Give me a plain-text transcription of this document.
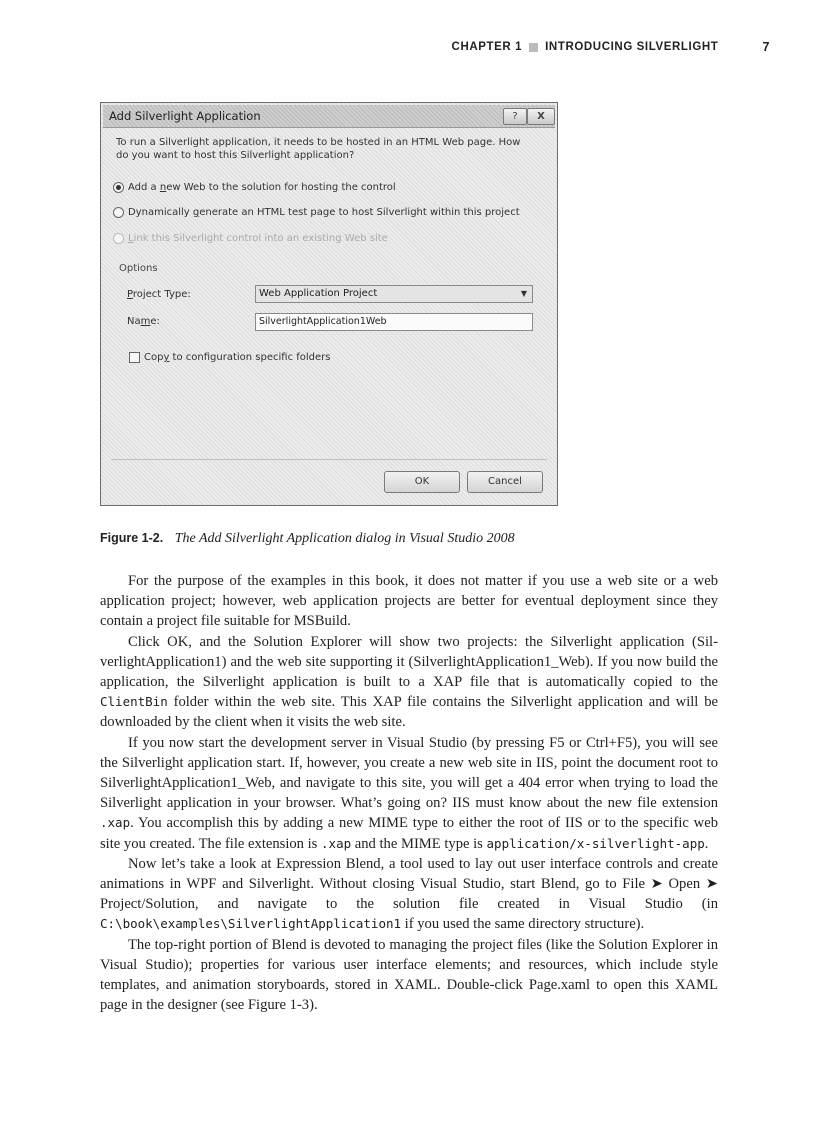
CHAPTER 1 INTRODUCING SILVERLIGHT	7
Add Silverlight Application	?	X
To run a Silverlight application, it needs to be hosted in an HTML Web page. How do you want to host this Silverlight application?
Add a new Web to the solution for hosting the control
Dynamically generate an HTML test page to host Silverlight within this project
Link this Silverlight control into an existing Web site
Options
Project Type:	Web Application Project	▼
Name:	SilverlightApplication1Web
Copy to configuration specific folders
OK	Cancel
Figure 1-2. The Add Silverlight Application dialog in Visual Studio 2008

For the purpose of the examples in this book, it does not matter if you use a web site or a web application project; however, web application projects are better for eventual deployment since they contain a project file suitable for MSBuild.

Click OK, and the Solution Explorer will show two projects: the Silverlight application (SilverlightApplication1) and the web site supporting it (SilverlightApplication1_Web). If you now build the application, the Silverlight application is built to a XAP file that is automatically copied to the ClientBin folder within the web site. This XAP file contains the Silverlight application and will be downloaded by the client when it visits the web site.

If you now start the development server in Visual Studio (by pressing F5 or Ctrl+F5), you will see the Silverlight application start. If, however, you create a new web site in IIS, point the document root to SilverlightApplication1_Web, and navigate to this site, you will get a 404 error when trying to load the Silverlight application in your browser. What’s going on? IIS must know about the new file extension .xap. You accomplish this by adding a new MIME type to either the root of IIS or to the specific web site you created. The file extension is .xap and the MIME type is application/x-silverlight-app.

Now let’s take a look at Expression Blend, a tool used to lay out user interface controls and create animations in WPF and Silverlight. Without closing Visual Studio, start Blend, go to File ➤ Open ➤ Project/Solution, and navigate to the solution file created in Visual Studio (in C:\book\examples\SilverlightApplication1 if you used the same directory structure).

The top-right portion of Blend is devoted to managing the project files (like the Solution Explorer in Visual Studio); properties for various user interface elements; and resources, which include style templates, and animation storyboards, stored in XAML. Double-click Page.xaml to open this XAML page in the designer (see Figure 1-3).
